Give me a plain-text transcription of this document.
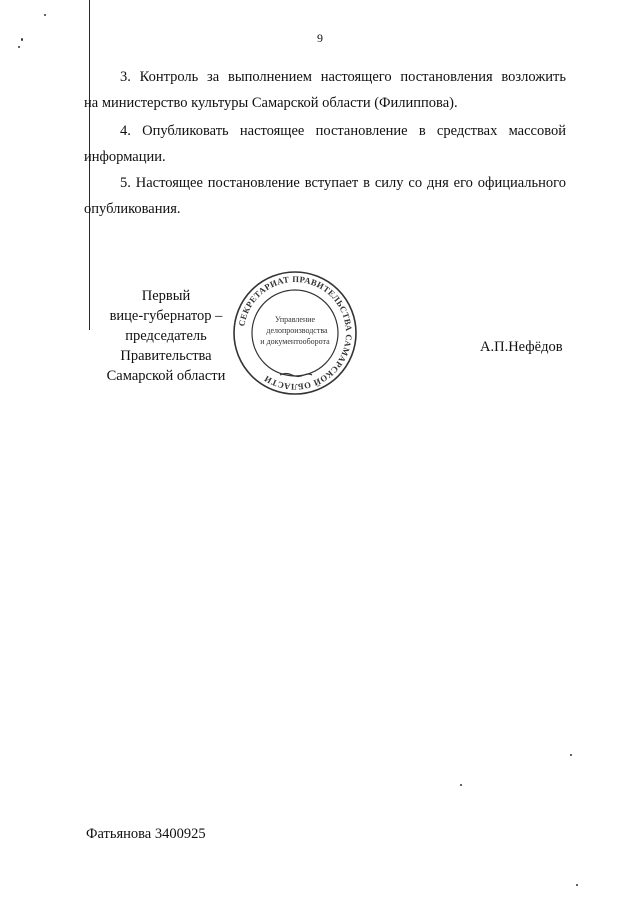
9

3. Контроль за выполнением настоящего постановления возложить
на министерство культуры Самарской области (Филиппова).

4. Опубликовать настоящее постановление в средствах массовой
информации.

5. Настоящее постановление вступает в силу со дня его официального
опубликования.

Первый
вице-губернатор –
председатель Правительства
Самарской области
А.П.Нефёдов
СЕКРЕТАРИАТ ПРАВИТЕЛЬСТВА САМАРСКОЙ ОБЛАСТИ
Управление
делопроизводства
и документооборота
Фатьянова 3400925
